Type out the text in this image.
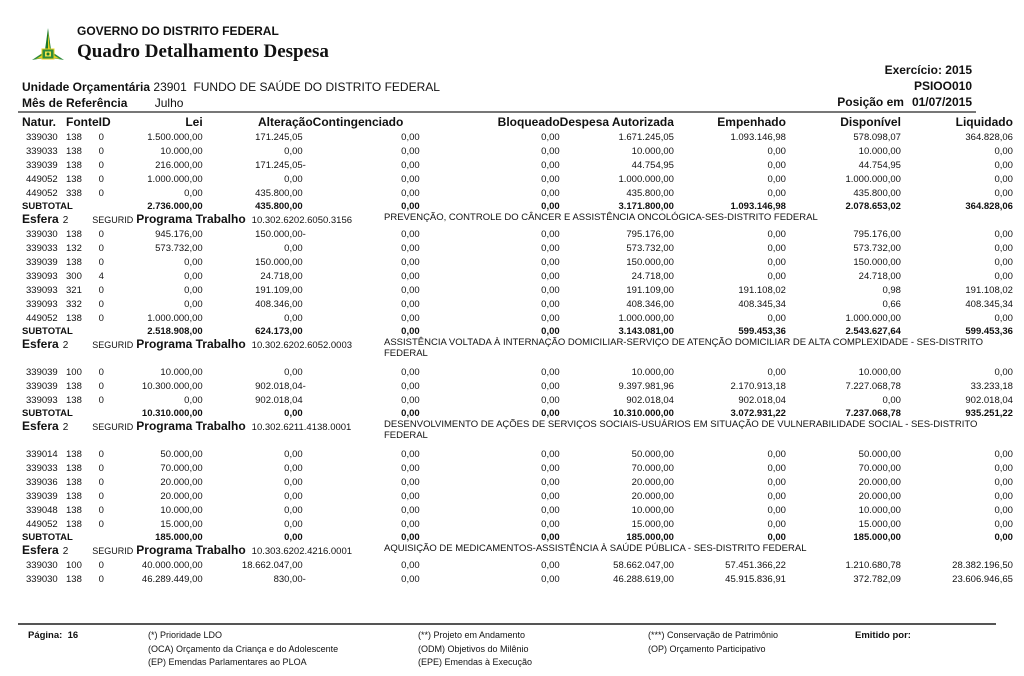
GOVERNO DO DISTRITO FEDERAL
Quadro Detalhamento Despesa
Exercício: 2015
PSIOO010
Posição em 01/07/2015
Unidade Orçamentária 23901 FUNDO DE SAÚDE DO DISTRITO FEDERAL
Mês de Referência Julho
Natur.	Fonte	ID	Lei	Alteração	Contingenciado	Bloqueado	Despesa Autorizada	Empenhado	Disponível	Liquidado
339030	138	0	1.500.000,00	171.245,05	0,00	0,00	1.671.245,05	1.093.146,98	578.098,07	364.828,06
339033	138	0	10.000,00	0,00	0,00	0,00	10.000,00	0,00	10.000,00	0,00
339039	138	0	216.000,00	171.245,05-	0,00	0,00	44.754,95	0,00	44.754,95	0,00
449052	138	0	1.000.000,00	0,00	0,00	0,00	1.000.000,00	0,00	1.000.000,00	0,00
449052	338	0	0,00	435.800,00	0,00	0,00	435.800,00	0,00	435.800,00	0,00
SUBTOTAL			2.736.000,00	435.800,00	0,00	0,00	3.171.800,00	1.093.146,98	2.078.653,02	364.828,06

Esfera 2 SEGURID Programa Trabalho 10.302.6202.6050.3156 PREVENÇÃO, CONTROLE DO CÂNCER E ASSISTÊNCIA ONCOLÓGICA-SES-DISTRITO FEDERAL										

339030	138	0	945.176,00	150.000,00-	0,00	0,00	795.176,00	0,00	795.176,00	0,00
339033	132	0	573.732,00	0,00	0,00	0,00	573.732,00	0,00	573.732,00	0,00
339039	138	0	0,00	150.000,00	0,00	0,00	150.000,00	0,00	150.000,00	0,00
339093	300	4	0,00	24.718,00	0,00	0,00	24.718,00	0,00	24.718,00	0,00
339093	321	0	0,00	191.109,00	0,00	0,00	191.109,00	191.108,02	0,98	191.108,02
339093	332	0	0,00	408.346,00	0,00	0,00	408.346,00	408.345,34	0,66	408.345,34
449052	138	0	1.000.000,00	0,00	0,00	0,00	1.000.000,00	0,00	1.000.000,00	0,00
SUBTOTAL			2.518.908,00	624.173,00	0,00	0,00	3.143.081,00	599.453,36	2.543.627,64	599.453,36

Esfera 2 SEGURID Programa Trabalho 10.302.6202.6052.0003 ASSISTÊNCIA VOLTADA À INTERNAÇÃO DOMICILIAR-SERVIÇO DE ATENÇÃO DOMICILIAR DE ALTA COMPLEXIDADE - SES-DISTRITO FEDERAL										

339039	100	0	10.000,00	0,00	0,00	0,00	10.000,00	0,00	10.000,00	0,00
339039	138	0	10.300.000,00	902.018,04-	0,00	0,00	9.397.981,96	2.170.913,18	7.227.068,78	33.233,18
339093	138	0	0,00	902.018,04	0,00	0,00	902.018,04	902.018,04	0,00	902.018,04
SUBTOTAL			10.310.000,00	0,00	0,00	0,00	10.310.000,00	3.072.931,22	7.237.068,78	935.251,22

Esfera 2 SEGURID Programa Trabalho 10.302.6211.4138.0001 DESENVOLVIMENTO DE AÇÕES DE SERVIÇOS SOCIAIS-USUÁRIOS EM SITUAÇÃO DE VULNERABILIDADE SOCIAL - SES-DISTRITO FEDERAL										

339014	138	0	50.000,00	0,00	0,00	0,00	50.000,00	0,00	50.000,00	0,00
339033	138	0	70.000,00	0,00	0,00	0,00	70.000,00	0,00	70.000,00	0,00
339036	138	0	20.000,00	0,00	0,00	0,00	20.000,00	0,00	20.000,00	0,00
339039	138	0	20.000,00	0,00	0,00	0,00	20.000,00	0,00	20.000,00	0,00
339048	138	0	10.000,00	0,00	0,00	0,00	10.000,00	0,00	10.000,00	0,00
449052	138	0	15.000,00	0,00	0,00	0,00	15.000,00	0,00	15.000,00	0,00
SUBTOTAL			185.000,00	0,00	0,00	0,00	185.000,00	0,00	185.000,00	0,00

Esfera 2 SEGURID Programa Trabalho 10.303.6202.4216.0001 AQUISIÇÃO DE MEDICAMENTOS-ASSISTÊNCIA À SAÚDE PÚBLICA - SES-DISTRITO FEDERAL										

339030	100	0	40.000.000,00	18.662.047,00	0,00	0,00	58.662.047,00	57.451.366,22	1.210.680,78	28.382.196,50
339030	138	0	46.289.449,00	830,00-	0,00	0,00	46.288.619,00	45.915.836,91	372.782,09	23.606.946,65
Página: 16	(*) Prioridade LDO
(OCA) Orçamento da Criança e do Adolescente
(EP) Emendas Parlamentares ao PLOA
(**) Projeto em Andamento
(ODM) Objetivos do Milênio
(EPE) Emendas à Execução
(***) Conservação de Patrimônio
(OP) Orçamento Participativo
Emitido por:
